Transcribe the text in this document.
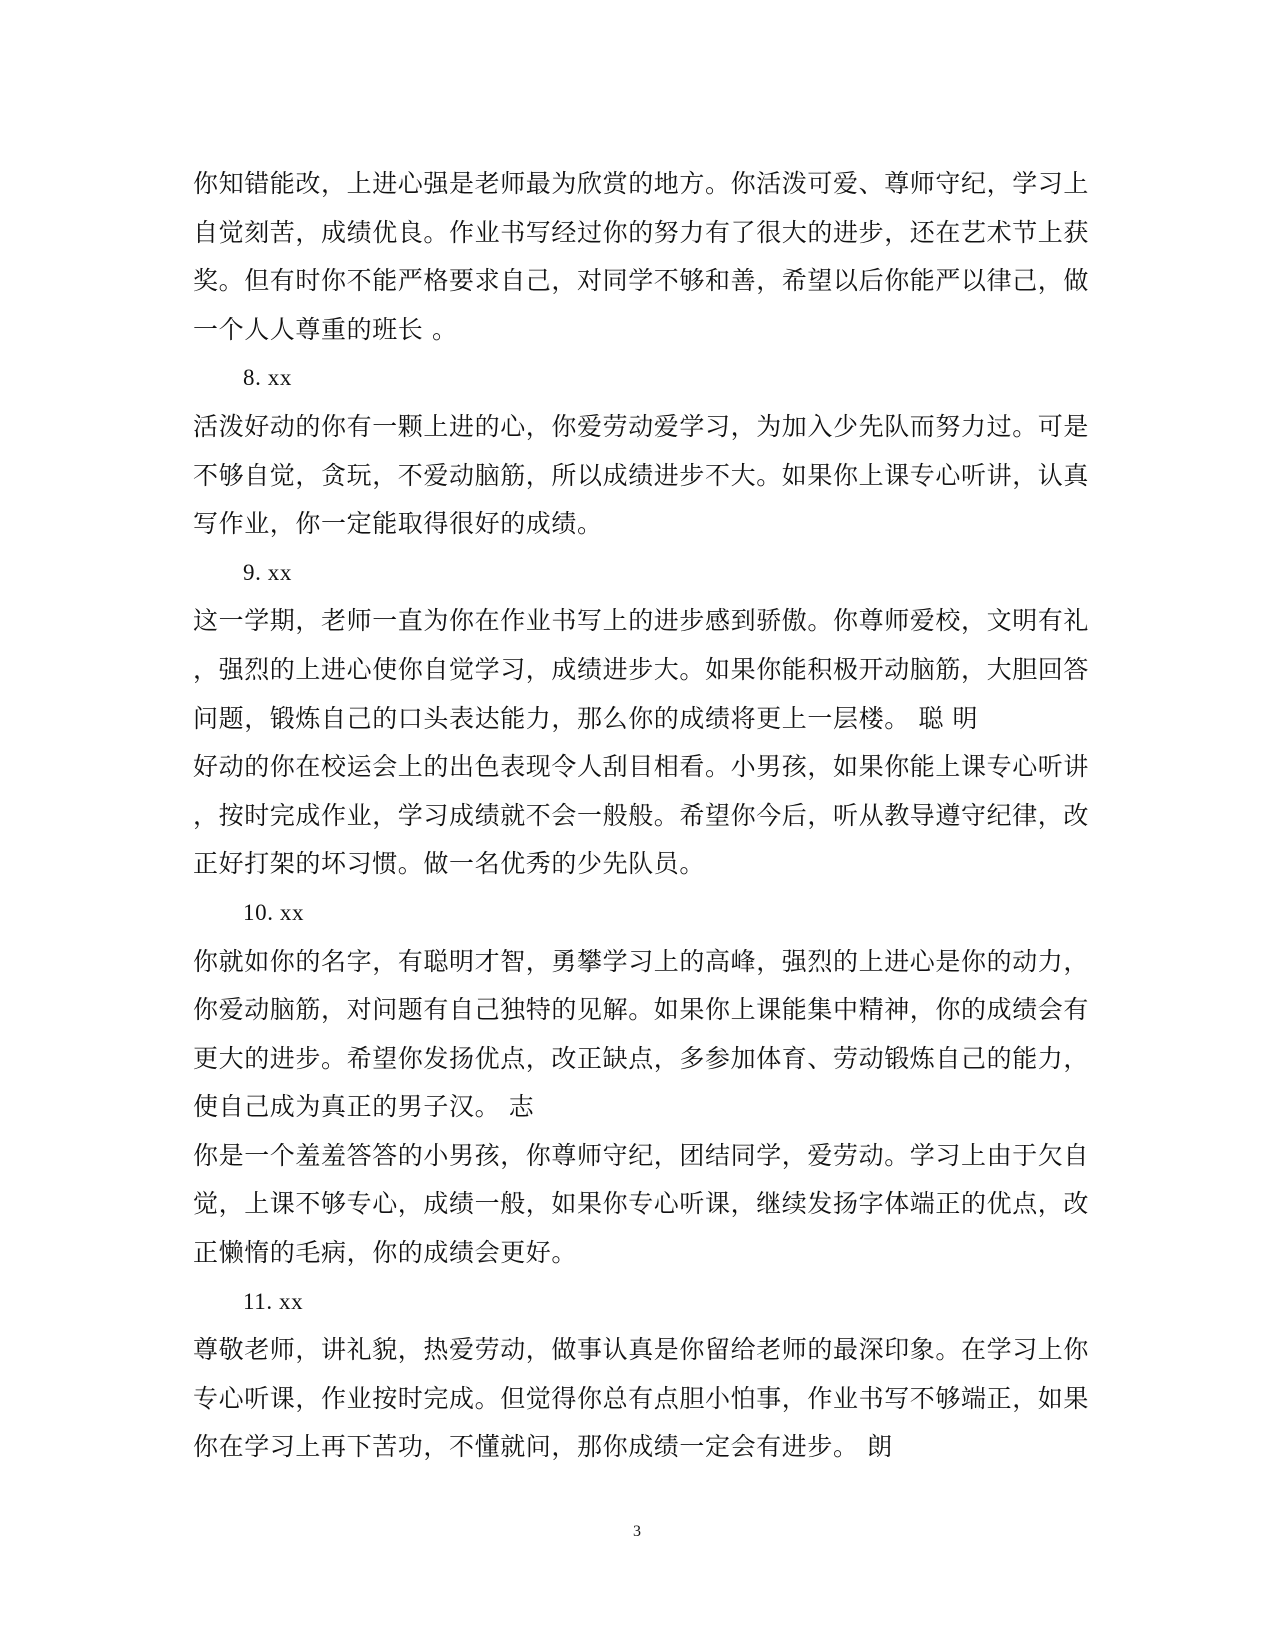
你知错能改，上进心强是老师最为欣赏的地方。你活泼可爱、尊师守纪，学习上
自觉刻苦，成绩优良。作业书写经过你的努力有了很大的进步，还在艺术节上获
奖。但有时你不能严格要求自己，对同学不够和善，希望以后你能严以律己，做
一个人人尊重的班长 。
8. xx
活泼好动的你有一颗上进的心，你爱劳动爱学习，为加入少先队而努力过。可是
不够自觉，贪玩，不爱动脑筋，所以成绩进步不大。如果你上课专心听讲，认真
写作业，你一定能取得很好的成绩。
9. xx
这一学期，老师一直为你在作业书写上的进步感到骄傲。你尊师爱校，文明有礼
，强烈的上进心使你自觉学习，成绩进步大。如果你能积极开动脑筋，大胆回答
问题，锻炼自己的口头表达能力，那么你的成绩将更上一层楼。 聪 明
好动的你在校运会上的出色表现令人刮目相看。小男孩，如果你能上课专心听讲
，按时完成作业，学习成绩就不会一般般。希望你今后，听从教导遵守纪律，改
正好打架的坏习惯。做一名优秀的少先队员。
10. xx
你就如你的名字，有聪明才智，勇攀学习上的高峰，强烈的上进心是你的动力，
你爱动脑筋，对问题有自己独特的见解。如果你上课能集中精神，你的成绩会有
更大的进步。希望你发扬优点，改正缺点，多参加体育、劳动锻炼自己的能力，
使自己成为真正的男子汉。 志
你是一个羞羞答答的小男孩，你尊师守纪，团结同学，爱劳动。学习上由于欠自
觉，上课不够专心，成绩一般，如果你专心听课，继续发扬字体端正的优点，改
正懒惰的毛病，你的成绩会更好。
11. xx
尊敬老师，讲礼貌，热爱劳动，做事认真是你留给老师的最深印象。在学习上你
专心听课，作业按时完成。但觉得你总有点胆小怕事，作业书写不够端正，如果
你在学习上再下苦功，不懂就问，那你成绩一定会有进步。 朗
3
